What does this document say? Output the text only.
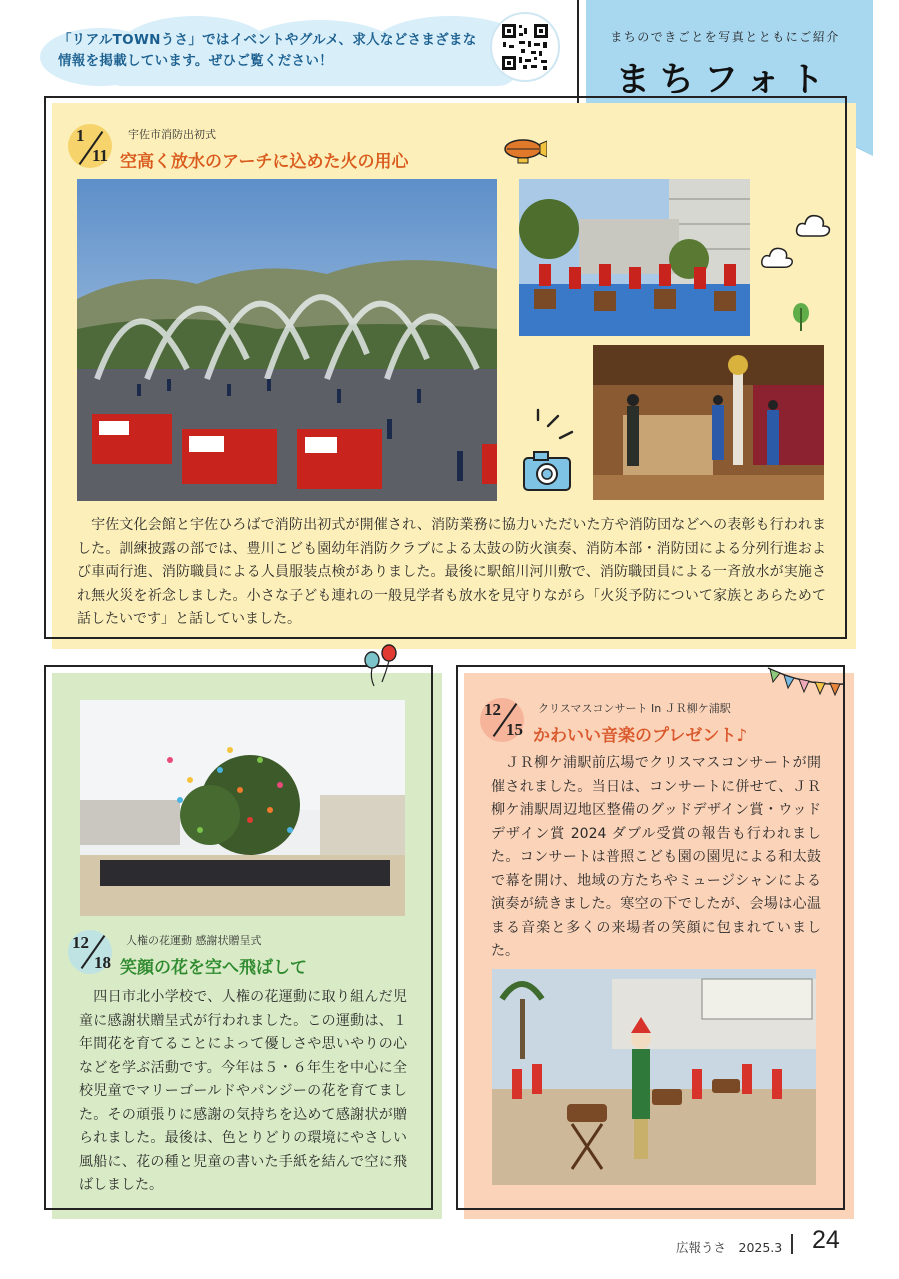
「リアルTOWNうさ」ではイベントやグルメ、求人などさまざまな情報を掲載しています。ぜひご覧ください！
まちのできごとを写真とともにご紹介
まちフォト
1
11
宇佐市消防出初式
空高く放水のアーチに込めた火の用心
　宇佐文化会館と宇佐ひろばで消防出初式が開催され、消防業務に協力いただいた方や消防団などへの表彰も行われました。訓練披露の部では、豊川こども園幼年消防クラブによる太鼓の防火演奏、消防本部・消防団による分列行進および車両行進、消防職員による人員服装点検がありました。最後に駅館川河川敷で、消防職団員による一斉放水が実施され無火災を祈念しました。小さな子ども連れの一般見学者も放水を見守りながら「火災予防について家族とあらためて話したいです」と話していました。
12
18
人権の花運動 感謝状贈呈式
笑顔の花を空へ飛ばして
　四日市北小学校で、人権の花運動に取り組んだ児童に感謝状贈呈式が行われました。この運動は、１年間花を育てることによって優しさや思いやりの心などを学ぶ活動です。今年は５・６年生を中心に全校児童でマリーゴールドやパンジーの花を育てました。その頑張りに感謝の気持ちを込めて感謝状が贈られました。最後は、色とりどりの環境にやさしい風船に、花の種と児童の書いた手紙を結んで空に飛ばしました。
12
15
クリスマスコンサート In ＪＲ柳ケ浦駅
かわいい音楽のプレゼント♪
　ＪＲ柳ケ浦駅前広場でクリスマスコンサートが開催されました。当日は、コンサートに併せて、ＪＲ柳ケ浦駅周辺地区整備のグッドデザイン賞・ウッドデザイン賞 2024 ダブル受賞の報告も行われました。コンサートは普照こども園の園児による和太鼓で幕を開け、地域の方たちやミュージシャンによる演奏が続きました。寒空の下でしたが、会場は心温まる音楽と多くの来場者の笑顔に包まれていました。
広報うさ　2025.3 24
